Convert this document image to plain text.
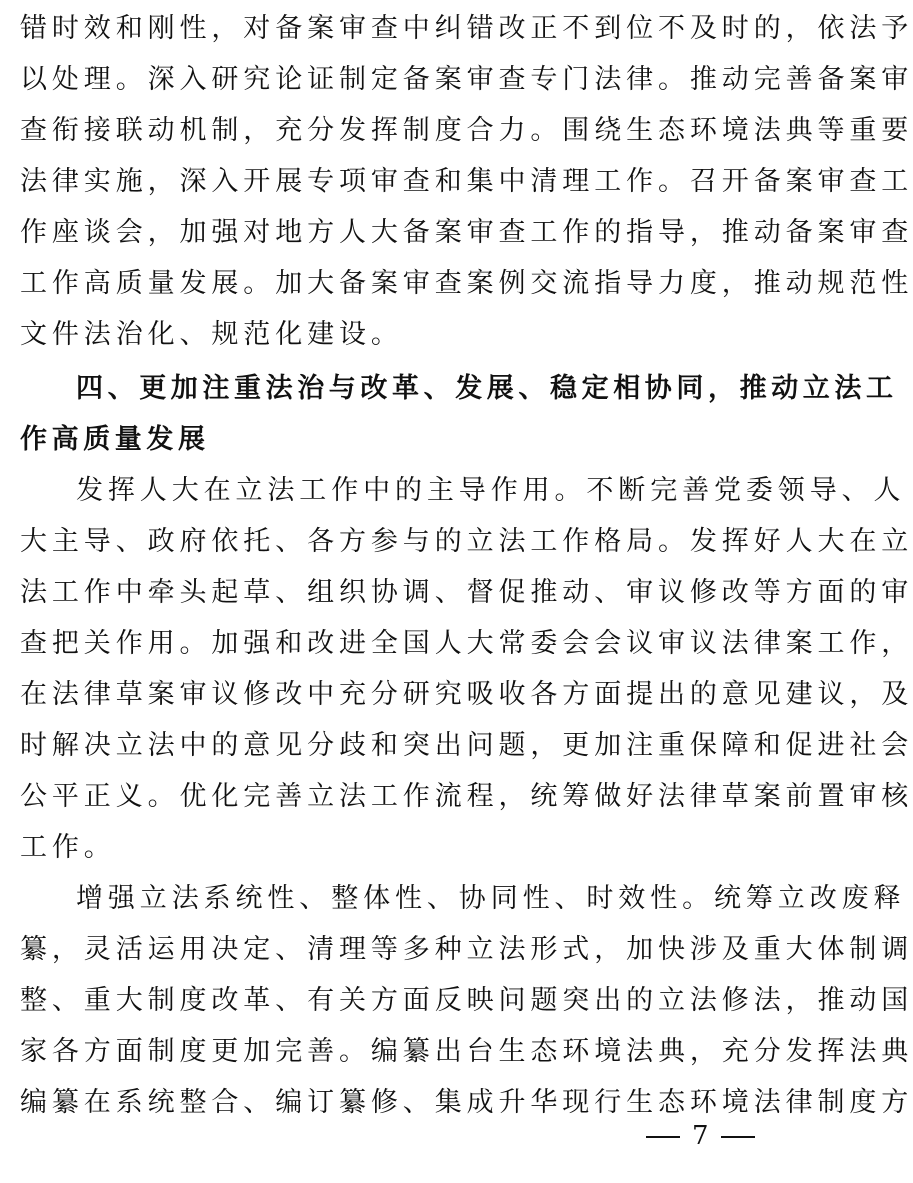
错时效和刚性，对备案审查中纠错改正不到位不及时的，依法予
以处理。深入研究论证制定备案审查专门法律。推动完善备案审
查衔接联动机制，充分发挥制度合力。围绕生态环境法典等重要
法律实施，深入开展专项审查和集中清理工作。召开备案审查工
作座谈会，加强对地方人大备案审查工作的指导，推动备案审查
工作高质量发展。加大备案审查案例交流指导力度，推动规范性
文件法治化、规范化建设。
四、更加注重法治与改革、发展、稳定相协同，推动立法工
作高质量发展
发挥人大在立法工作中的主导作用。不断完善党委领导、人
大主导、政府依托、各方参与的立法工作格局。发挥好人大在立
法工作中牵头起草、组织协调、督促推动、审议修改等方面的审
查把关作用。加强和改进全国人大常委会会议审议法律案工作，
在法律草案审议修改中充分研究吸收各方面提出的意见建议，及
时解决立法中的意见分歧和突出问题，更加注重保障和促进社会
公平正义。优化完善立法工作流程，统筹做好法律草案前置审核
工作。
增强立法系统性、整体性、协同性、时效性。统筹立改废释
纂，灵活运用决定、清理等多种立法形式，加快涉及重大体制调
整、重大制度改革、有关方面反映问题突出的立法修法，推动国
家各方面制度更加完善。编纂出台生态环境法典，充分发挥法典
编纂在系统整合、编订纂修、集成升华现行生态环境法律制度方
7
